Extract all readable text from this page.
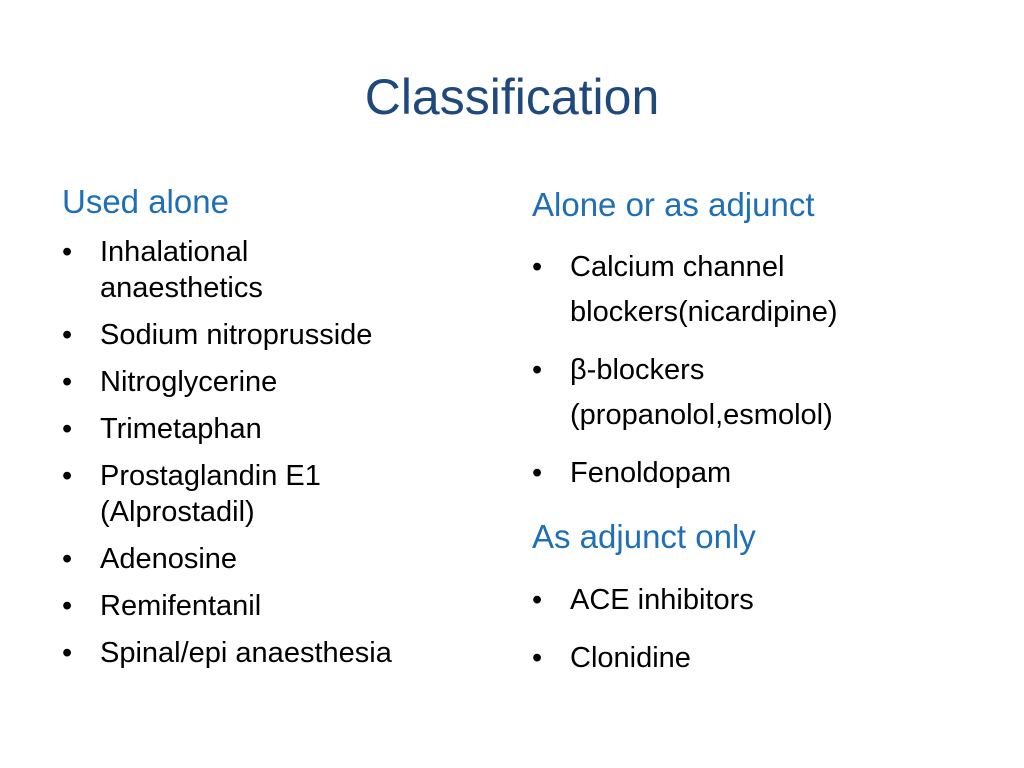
Classification
Used alone
• Inhalational
anaesthetics
• Sodium nitroprusside
• Nitroglycerine
• Trimetaphan
• Prostaglandin E1
(Alprostadil)
• Adenosine
• Remifentanil
• Spinal/epi anaesthesia
Alone or as adjunct
• Calcium channel
blockers(nicardipine)
• β-blockers
(propanolol,esmolol)
• Fenoldopam
As adjunct only
• ACE inhibitors
• Clonidine
